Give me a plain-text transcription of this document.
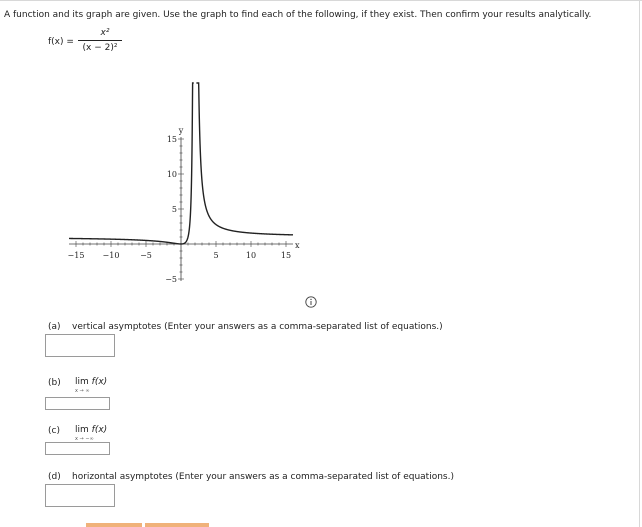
A function and its graph are given. Use the graph to find each of the following, if they exist. Then confirm your results analytically.
f(x) =
x²
(x − 2)²
−15 −10	−5	5	10	15
15
10
5
−5
x
y
(a) vertical asymptotes (Enter your answers as a comma-separated list of equations.)
(b) lim f(x)
x → ∞
(c) lim f(x)
x → −∞
(d) horizontal asymptotes (Enter your answers as a comma-separated list of equations.)
